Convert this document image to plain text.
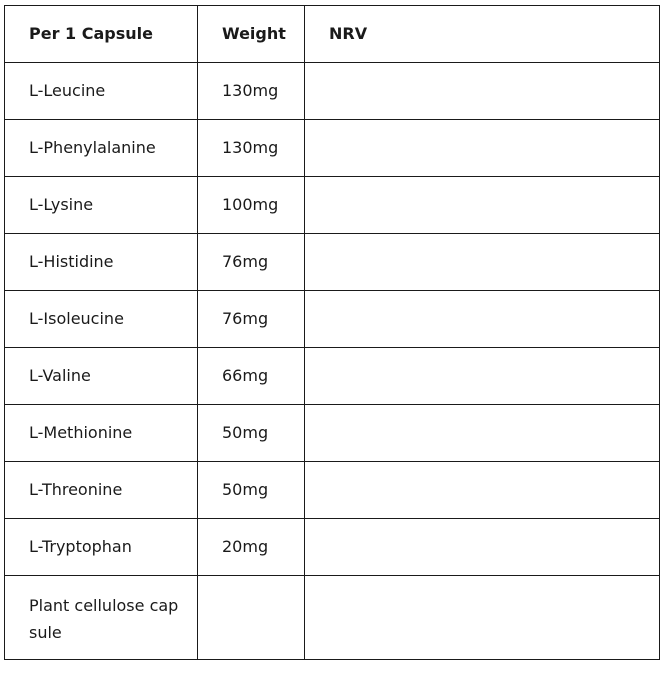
Per 1 Capsule	Weight	NRV
L-Leucine	130mg	
L-Phenylalanine	130mg	
L-Lysine	100mg	
L-Histidine	76mg	
L-Isoleucine	76mg	
L-Valine	66mg	
L-Methionine	50mg	
L-Threonine	50mg	
L-Tryptophan	20mg	
Plant cellulose capsule		
